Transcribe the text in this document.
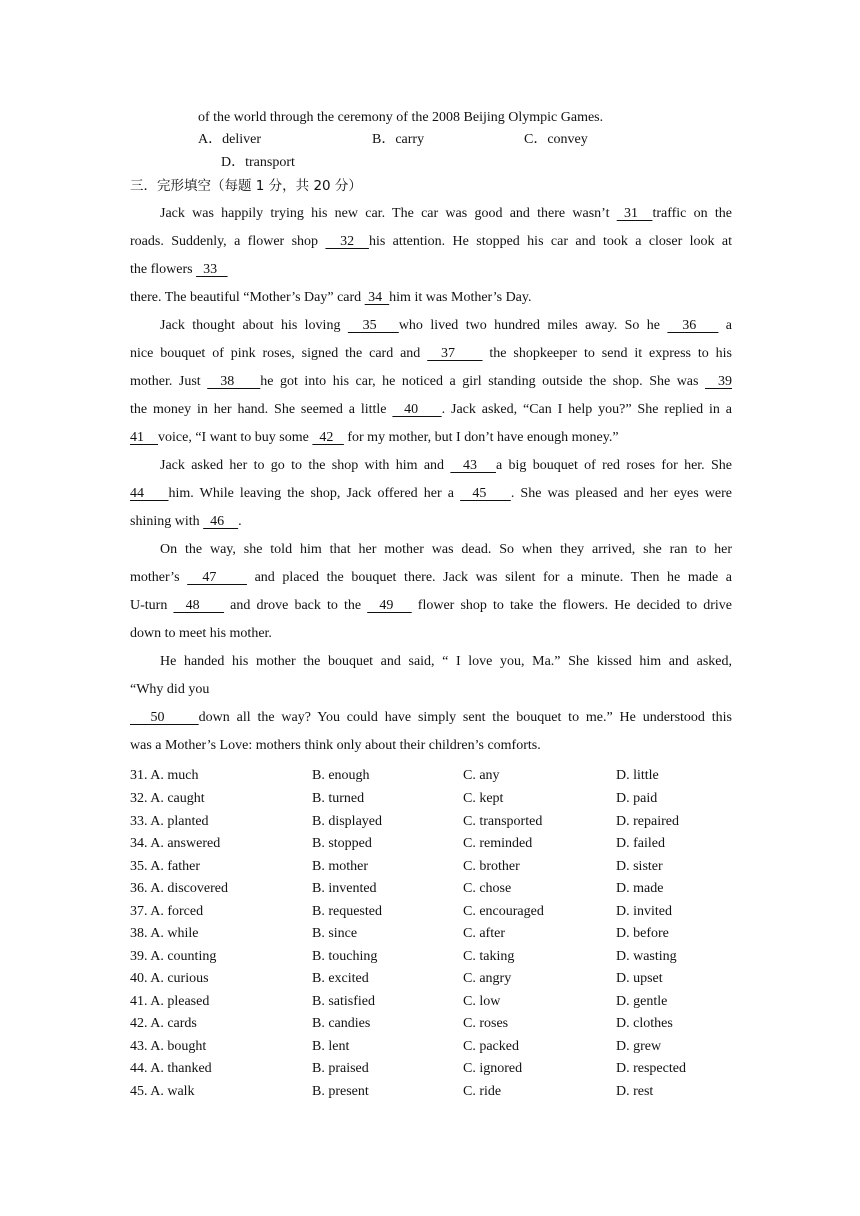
of the world through the ceremony of the 2008 Beijing Olympic Games.
A．deliver	B．carry	C．convey
D．transport
三．完形填空（每题 1 分，共 20 分）
Jack was happily trying his new car. The car was good and there wasn’t  31  traffic on the
roads. Suddenly, a flower shop   32  his attention. He stopped his car and took a closer look at
the flowers   33
there. The beautiful “Mother’s Day” card  34  him it was Mother’s Day.
Jack thought about his loving   35   who lived two hundred miles away. So he   36    a
nice bouquet of pink roses, signed the card and   37     the shopkeeper to send it express to his
mother. Just   38    he got into his car, he noticed a girl standing outside the shop. She was   39
the money in her hand. She seemed a little   40    . Jack asked, “Can I help you?” She replied in a
41    voice, “I want to buy some   42    for my mother, but I don’t have enough money.”
Jack asked her to go to the shop with him and   43   a big bouquet of red roses for her. She
44    him. While leaving the shop, Jack offered her a   45    . She was pleased and her eyes were
shining with   46    .
On the way, she told him that her mother was dead. So when they arrived, she ran to her
mother’s   47     and placed the bouquet there. Jack was silent for a minute. Then he made a
U-turn   48     and drove back to the   49    flower shop to take the flowers. He decided to drive
down to meet his mother.
He handed his mother the bouquet and said, “ I love you, Ma.” She kissed him and asked,
“Why did you
50     down all the way? You could have simply sent the bouquet to me.” He understood this
was a Mother’s Love: mothers think only about their children’s comforts.
31. A. much	B. enough	C. any	D. little
32. A. caught	B. turned	C. kept	D. paid
33. A. planted	B. displayed	C. transported	D. repaired
34. A. answered	B. stopped	C. reminded	D. failed
35. A. father	B. mother	C. brother	D. sister
36. A. discovered	B. invented	C. chose	D. made
37. A. forced	B. requested	C. encouraged	D. invited
38. A. while	B. since	C. after	D. before
39. A. counting	B. touching	C. taking	D. wasting
40. A. curious	B. excited	C. angry	D. upset
41. A. pleased	B. satisfied	C. low	D. gentle
42. A. cards	B. candies	C. roses	D. clothes
43. A. bought	B. lent	C. packed	D. grew
44. A. thanked	B. praised	C. ignored	D. respected
45. A. walk	B. present	C. ride	D. rest
